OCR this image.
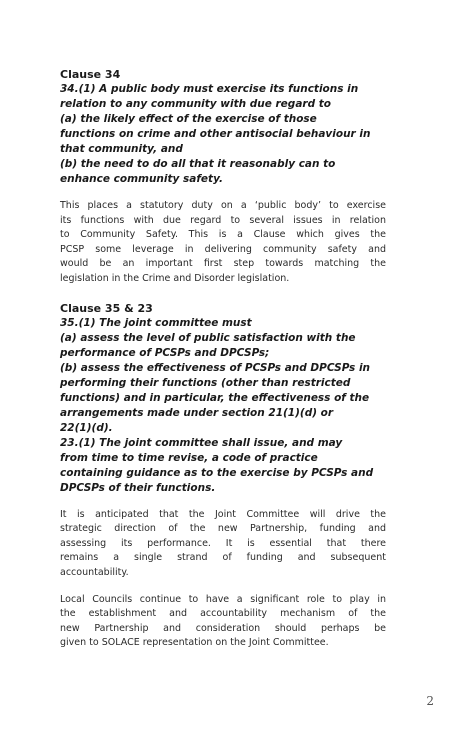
Clause 34

34.(1) A public body must exercise its functions in

relation to any community with due regard to

(a) the likely effect of the exercise of those

functions on crime and other antisocial behaviour in

that community, and

(b) the need to do all that it reasonably can to

enhance community safety.

This places a statutory duty on a ‘public body’ to exercise

its functions with due regard to several issues in relation

to Community Safety. This is a Clause which gives the

PCSP some leverage in delivering community safety and

would be an important first step towards matching the

legislation in the Crime and Disorder legislation.

Clause 35 & 23

35.(1) The joint committee must

(a) assess the level of public satisfaction with the

performance of PCSPs and DPCSPs;

(b) assess the effectiveness of PCSPs and DPCSPs in

performing their functions (other than restricted

functions) and in particular, the effectiveness of the

arrangements made under section 21(1)(d) or

22(1)(d).

23.(1) The joint committee shall issue, and may

from time to time revise, a code of practice

containing guidance as to the exercise by PCSPs and

DPCSPs of their functions.

It is anticipated that the Joint Committee will drive the

strategic direction of the new Partnership, funding and

assessing its performance. It is essential that there

remains a single strand of funding and subsequent

accountability.

Local Councils continue to have a significant role to play in

the establishment and accountability mechanism of the

new Partnership and consideration should perhaps be

given to SOLACE representation on the Joint Committee.

2
